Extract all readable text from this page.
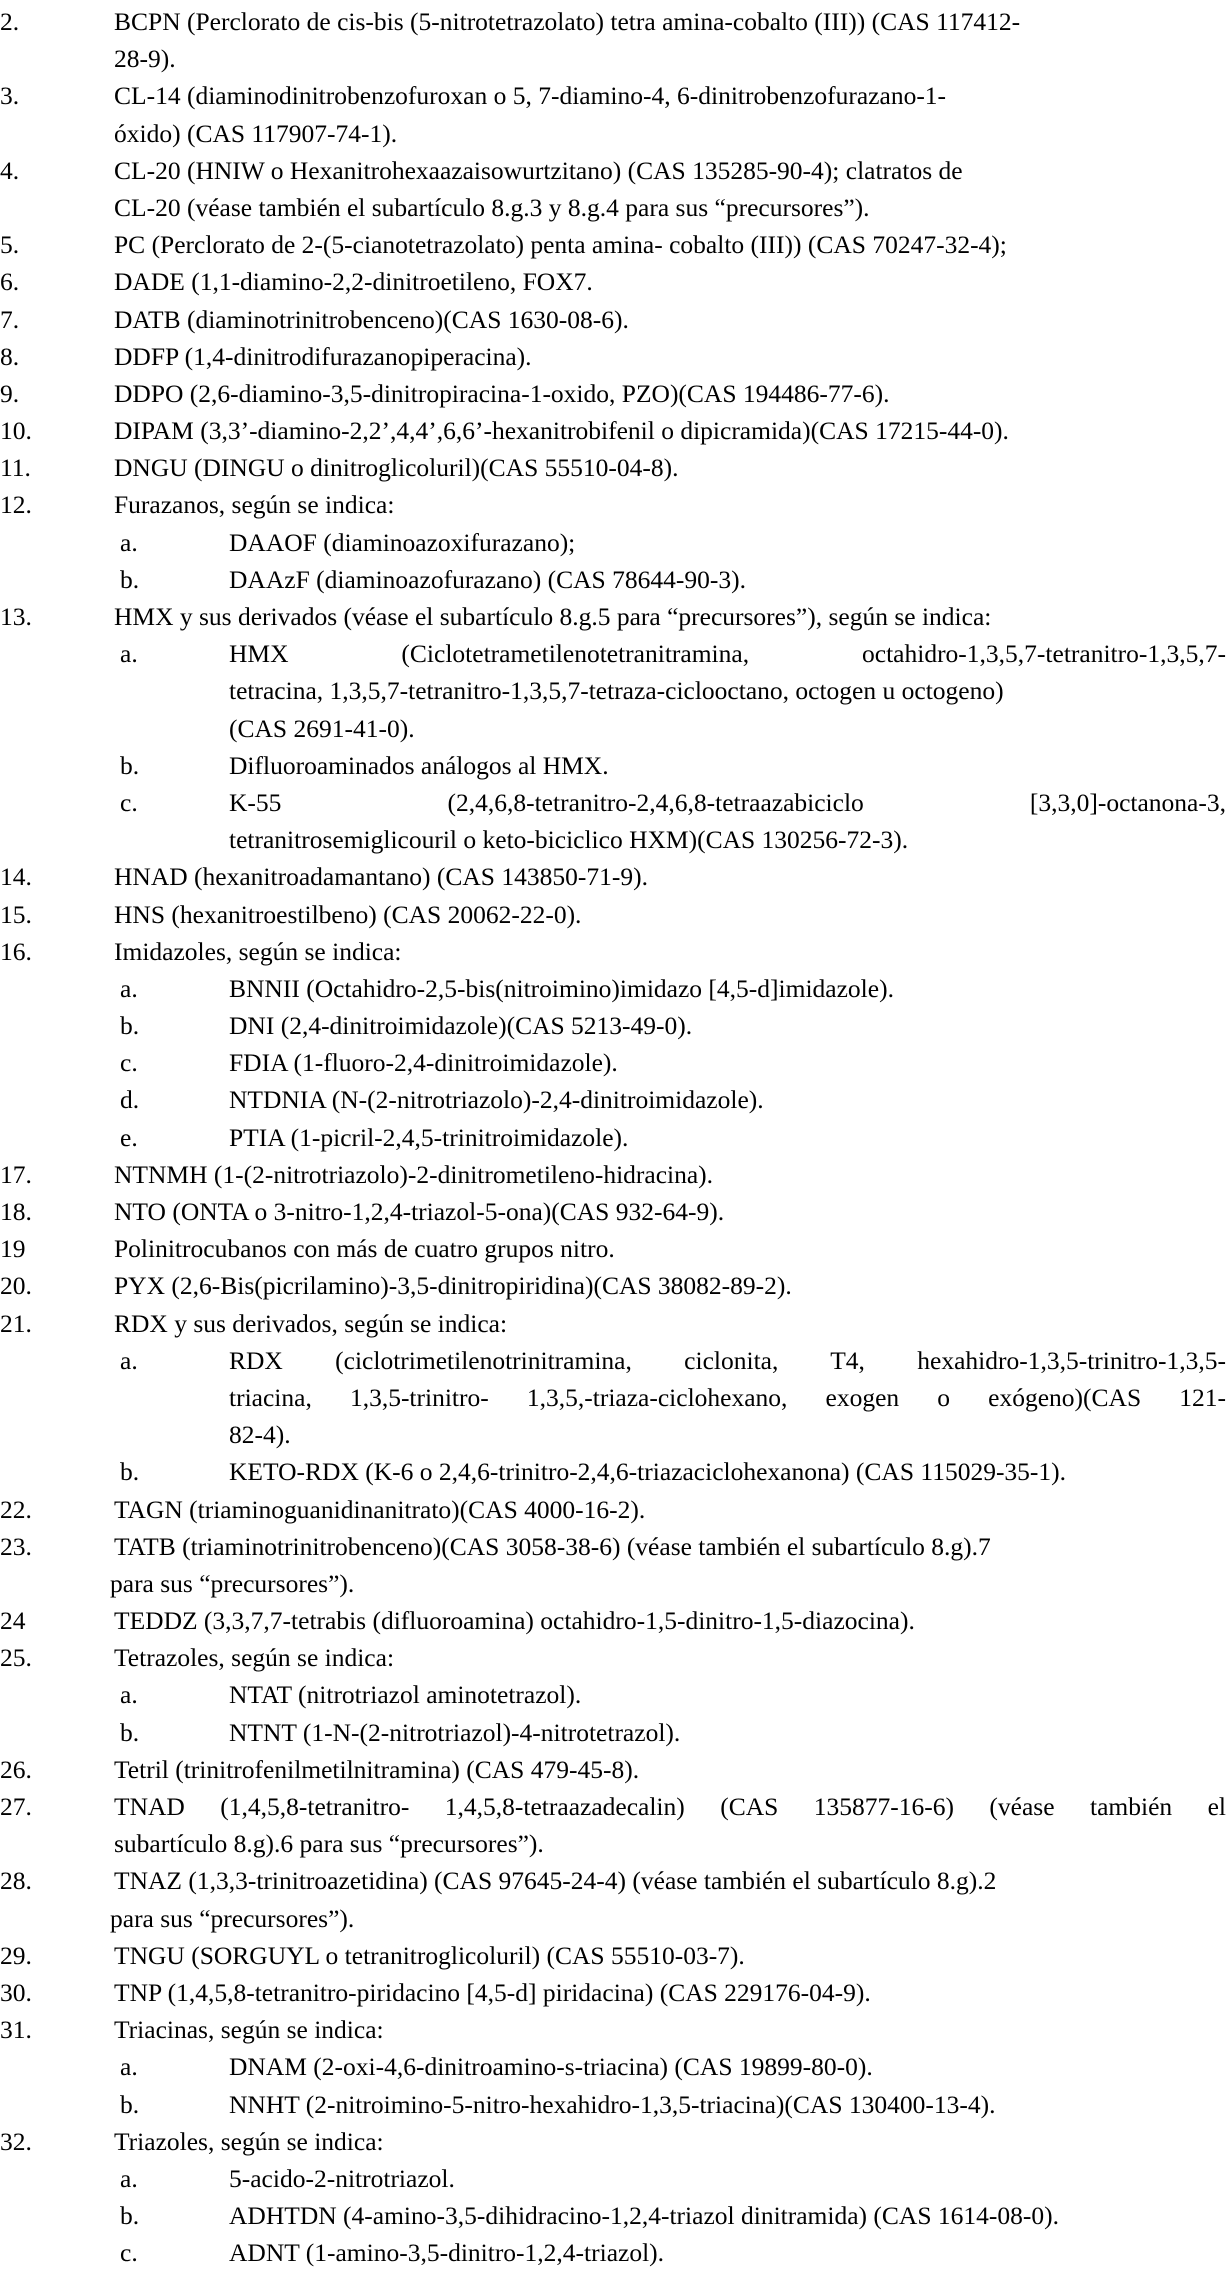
2.	BCPN (Perclorato de cis-bis (5-nitrotetrazolato) tetra amina-cobalto (III)) (CAS 117412-
28-9).
3.	CL-14 (diaminodinitrobenzofuroxan o 5, 7-diamino-4, 6-dinitrobenzofurazano-1-
óxido) (CAS 117907-74-1).
4.	CL-20 (HNIW o Hexanitrohexaazaisowurtzitano) (CAS 135285-90-4); clatratos de
CL-20 (véase también el subartículo 8.g.3 y 8.g.4 para sus “precursores”).
5.	PC (Perclorato de 2-(5-cianotetrazolato) penta amina- cobalto (III)) (CAS 70247-32-4);
6.	DADE (1,1-diamino-2,2-dinitroetileno, FOX7.
7.	DATB (diaminotrinitrobenceno)(CAS 1630-08-6).
8.	DDFP (1,4-dinitrodifurazanopiperacina).
9.	DDPO (2,6-diamino-3,5-dinitropiracina-1-oxido, PZO)(CAS 194486-77-6).
10.	DIPAM (3,3’-diamino-2,2’,4,4’,6,6’-hexanitrobifenil o dipicramida)(CAS 17215-44-0).
11.	DNGU (DINGU o dinitroglicoluril)(CAS 55510-04-8).
12.	Furazanos, según se indica:
a.	DAAOF (diaminoazoxifurazano);
b.	DAAzF (diaminoazofurazano) (CAS 78644-90-3).
13.	HMX y sus derivados (véase el subartículo 8.g.5 para “precursores”), según se indica:
a.	HMX (Ciclotetrametilenotetranitramina, octahidro-1,3,5,7-tetranitro-1,3,5,7-
tetracina, 1,3,5,7-tetranitro-1,3,5,7-tetraza-ciclooctano, octogen u octogeno)
(CAS 2691-41-0).
b.	Difluoroaminados análogos al HMX.
c.	K-55 (2,4,6,8-tetranitro-2,4,6,8-tetraazabiciclo [3,3,0]-octanona-3,
tetranitrosemiglicouril o keto-biciclico HXM)(CAS 130256-72-3).
14.	HNAD (hexanitroadamantano) (CAS 143850-71-9).
15.	HNS (hexanitroestilbeno) (CAS 20062-22-0).
16.	Imidazoles, según se indica:
a.	BNNII (Octahidro-2,5-bis(nitroimino)imidazo [4,5-d]imidazole).
b.	DNI (2,4-dinitroimidazole)(CAS 5213-49-0).
c.	FDIA (1-fluoro-2,4-dinitroimidazole).
d.	NTDNIA (N-(2-nitrotriazolo)-2,4-dinitroimidazole).
e.	PTIA (1-picril-2,4,5-trinitroimidazole).
17.	NTNMH (1-(2-nitrotriazolo)-2-dinitrometileno-hidracina).
18.	NTO (ONTA o 3-nitro-1,2,4-triazol-5-ona)(CAS 932-64-9).
19	Polinitrocubanos con más de cuatro grupos nitro.
20.	PYX (2,6-Bis(picrilamino)-3,5-dinitropiridina)(CAS 38082-89-2).
21.	RDX y sus derivados, según se indica:
a.	RDX (ciclotrimetilenotrinitramina, ciclonita, T4, hexahidro-1,3,5-trinitro-1,3,5-
triacina, 1,3,5-trinitro- 1,3,5,-triaza-ciclohexano, exogen o exógeno)(CAS 121-
82-4).
b.	KETO-RDX (K-6 o 2,4,6-trinitro-2,4,6-triazaciclohexanona) (CAS 115029-35-1).
22.	TAGN (triaminoguanidinanitrato)(CAS 4000-16-2).
23.	TATB (triaminotrinitrobenceno)(CAS 3058-38-6) (véase también el subartículo 8.g).7
para sus “precursores”).
24	TEDDZ (3,3,7,7-tetrabis (difluoroamina) octahidro-1,5-dinitro-1,5-diazocina).
25.	Tetrazoles, según se indica:
a.	NTAT (nitrotriazol aminotetrazol).
b.	NTNT (1-N-(2-nitrotriazol)-4-nitrotetrazol).
26.	Tetril (trinitrofenilmetilnitramina) (CAS 479-45-8).
27.	TNAD (1,4,5,8-tetranitro- 1,4,5,8-tetraazadecalin) (CAS 135877-16-6) (véase también el
subartículo 8.g).6 para sus “precursores”).
28.	TNAZ (1,3,3-trinitroazetidina) (CAS 97645-24-4) (véase también el subartículo 8.g).2
para sus “precursores”).
29.	TNGU (SORGUYL o tetranitroglicoluril) (CAS 55510-03-7).
30.	TNP (1,4,5,8-tetranitro-piridacino [4,5-d] piridacina) (CAS 229176-04-9).
31.	Triacinas, según se indica:
a.	DNAM (2-oxi-4,6-dinitroamino-s-triacina) (CAS 19899-80-0).
b.	NNHT (2-nitroimino-5-nitro-hexahidro-1,3,5-triacina)(CAS 130400-13-4).
32.	Triazoles, según se indica:
a.	5-acido-2-nitrotriazol.
b.	ADHTDN (4-amino-3,5-dihidracino-1,2,4-triazol dinitramida) (CAS 1614-08-0).
c.	ADNT (1-amino-3,5-dinitro-1,2,4-triazol).
